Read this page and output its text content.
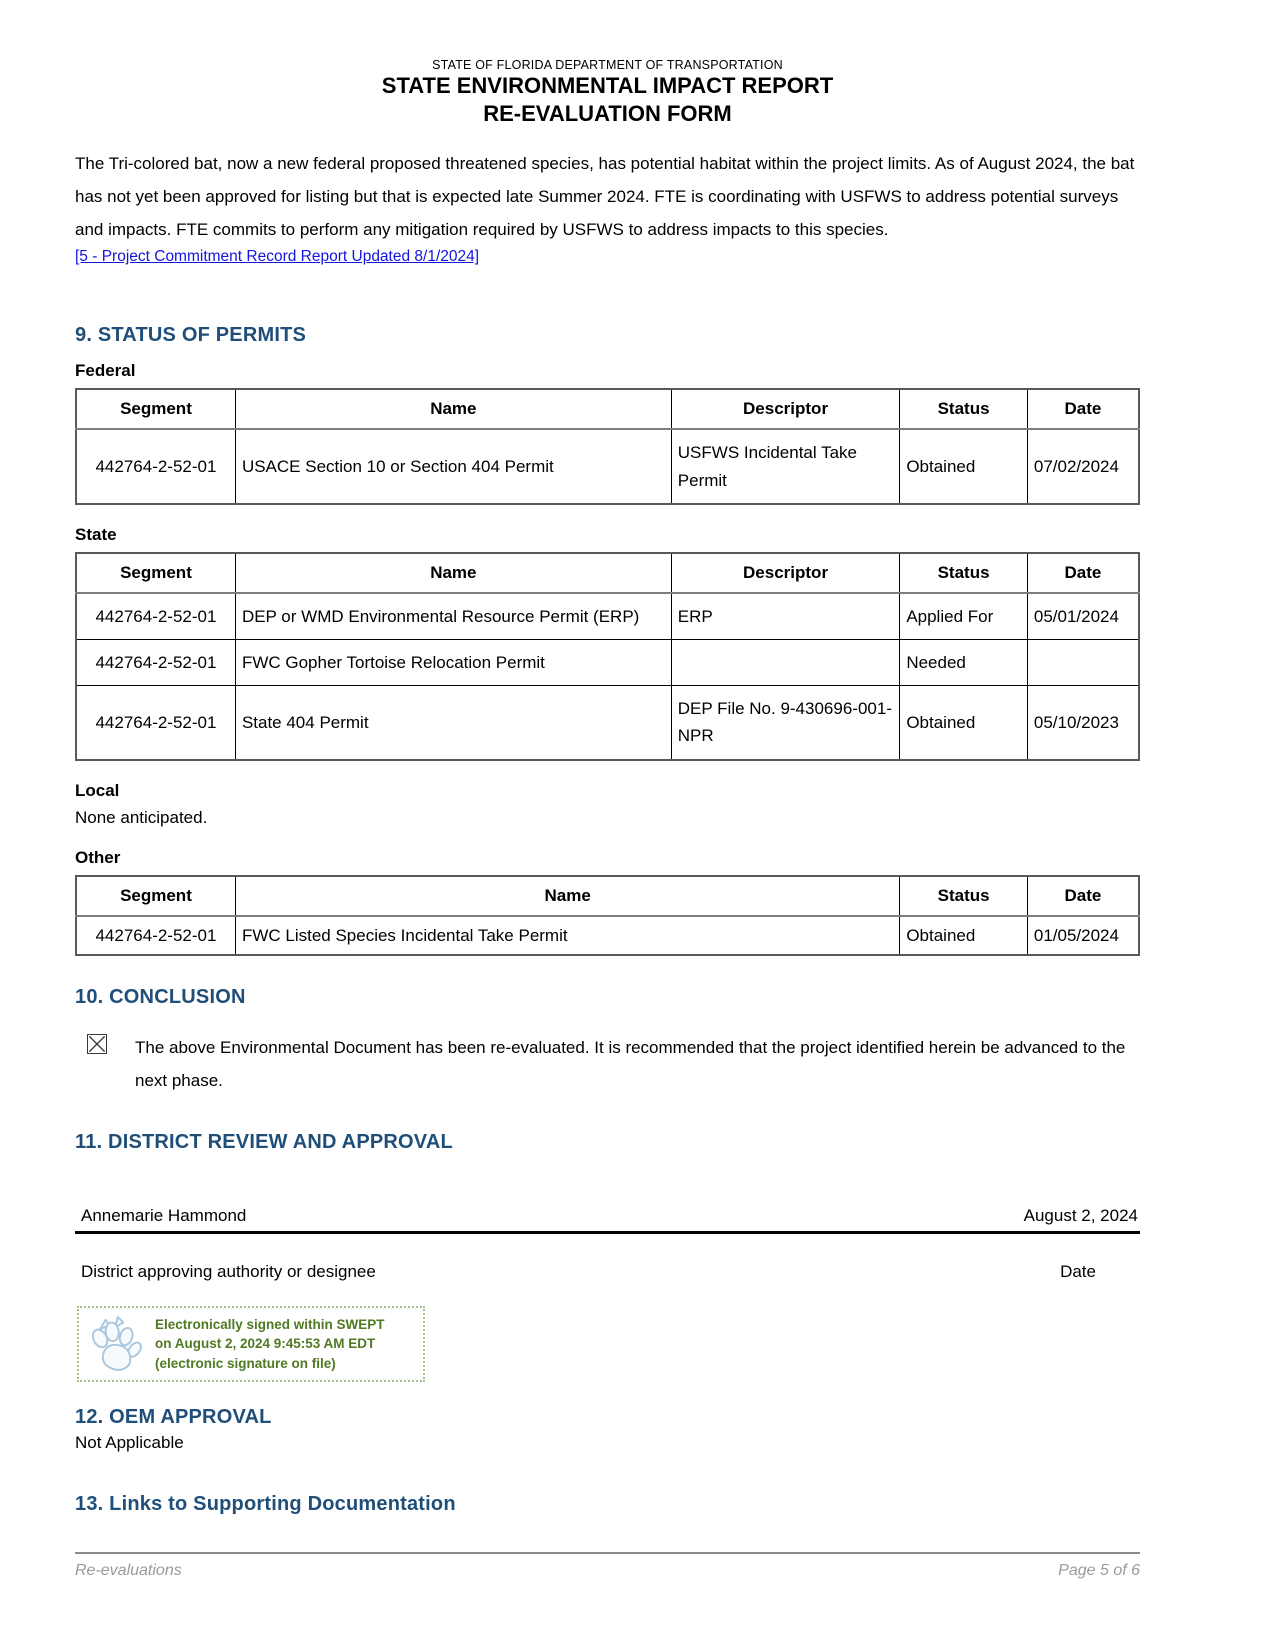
STATE OF FLORIDA DEPARTMENT OF TRANSPORTATION
STATE ENVIRONMENTAL IMPACT REPORT
RE-EVALUATION FORM

The Tri-colored bat, now a new federal proposed threatened species, has potential habitat within the project limits. As of August 2024, the bat has not yet been approved for listing but that is expected late Summer 2024. FTE is coordinating with USFWS to address potential surveys and impacts. FTE commits to perform any mitigation required by USFWS to address impacts to this species.

[5 - Project Commitment Record Report Updated 8/1/2024]
9. STATUS OF PERMITS
Federal
Segment	Name	Descriptor	Status	Date
442764-2-52-01	USACE Section 10 or Section 404 Permit	USFWS Incidental Take Permit	Obtained	07/02/2024
State
Segment	Name	Descriptor	Status	Date
442764-2-52-01	DEP or WMD Environmental Resource Permit (ERP)	ERP	Applied For	05/01/2024
442764-2-52-01	FWC Gopher Tortoise Relocation Permit		Needed	
442764-2-52-01	State 404 Permit	DEP File No. 9-430696-001-NPR	Obtained	05/10/2023
Local
None anticipated.
Other
Segment	Name	Status	Date
442764-2-52-01	FWC Listed Species Incidental Take Permit	Obtained	01/05/2024
10. CONCLUSION
The above Environmental Document has been re-evaluated. It is recommended that the project identified herein be advanced to the next phase.
11. DISTRICT REVIEW AND APPROVAL
Annemarie Hammond	August 2, 2024
District approving authority or designee	Date
Electronically signed within SWEPT
on August 2, 2024 9:45:53 AM EDT
(electronic signature on file)
12. OEM APPROVAL
Not Applicable
13. Links to Supporting Documentation
Re-evaluations	Page 5 of 6
